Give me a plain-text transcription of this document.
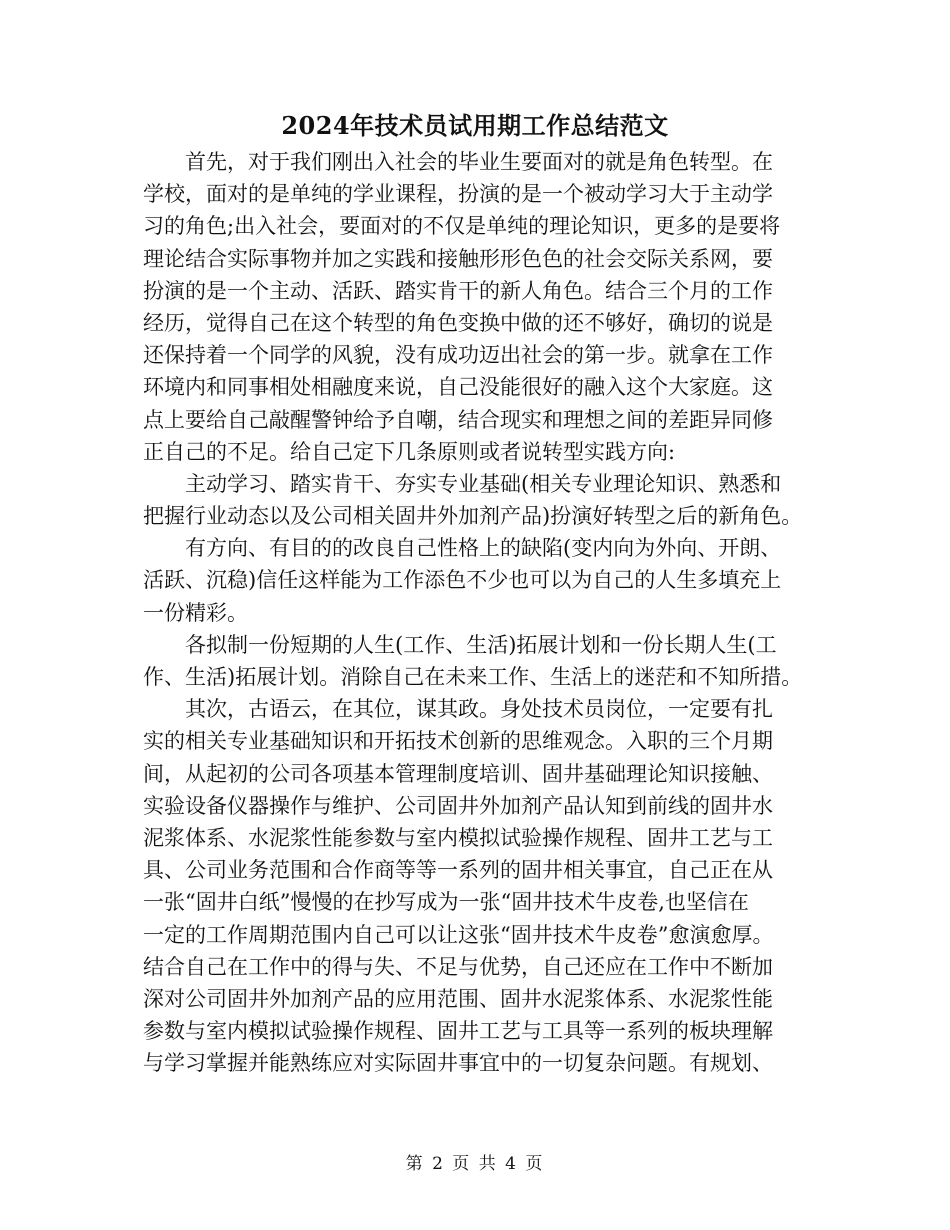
2024年技术员试用期工作总结范文
首先，对于我们刚出入社会的毕业生要面对的就是角色转型。在
学校，面对的是单纯的学业课程，扮演的是一个被动学习大于主动学
习的角色;出入社会，要面对的不仅是单纯的理论知识，更多的是要将
理论结合实际事物并加之实践和接触形形色色的社会交际关系网，要
扮演的是一个主动、活跃、踏实肯干的新人角色。结合三个月的工作
经历，觉得自己在这个转型的角色变换中做的还不够好，确切的说是
还保持着一个同学的风貌，没有成功迈出社会的第一步。就拿在工作
环境内和同事相处相融度来说，自己没能很好的融入这个大家庭。这
点上要给自己敲醒警钟给予自嘲，结合现实和理想之间的差距异同修
正自己的不足。给自己定下几条原则或者说转型实践方向:
主动学习、踏实肯干、夯实专业基础(相关专业理论知识、熟悉和
把握行业动态以及公司相关固井外加剂产品)扮演好转型之后的新角色。
有方向、有目的的改良自己性格上的缺陷(变内向为外向、开朗、
活跃、沉稳)信任这样能为工作添色不少也可以为自己的人生多填充上
一份精彩。
各拟制一份短期的人生(工作、生活)拓展计划和一份长期人生(工
作、生活)拓展计划。消除自己在未来工作、生活上的迷茫和不知所措。
其次，古语云，在其位，谋其政。身处技术员岗位，一定要有扎
实的相关专业基础知识和开拓技术创新的思维观念。入职的三个月期
间，从起初的公司各项基本管理制度培训、固井基础理论知识接触、
实验设备仪器操作与维护、公司固井外加剂产品认知到前线的固井水
泥浆体系、水泥浆性能参数与室内模拟试验操作规程、固井工艺与工
具、公司业务范围和合作商等等一系列的固井相关事宜，自己正在从
一张“固井白纸”慢慢的在抄写成为一张“固井技术牛皮卷,也坚信在
一定的工作周期范围内自己可以让这张“固井技术牛皮卷”愈演愈厚。
结合自己在工作中的得与失、不足与优势，自己还应在工作中不断加
深对公司固井外加剂产品的应用范围、固井水泥浆体系、水泥浆性能
参数与室内模拟试验操作规程、固井工艺与工具等一系列的板块理解
与学习掌握并能熟练应对实际固井事宜中的一切复杂问题。有规划、
第 2 页 共 4 页
